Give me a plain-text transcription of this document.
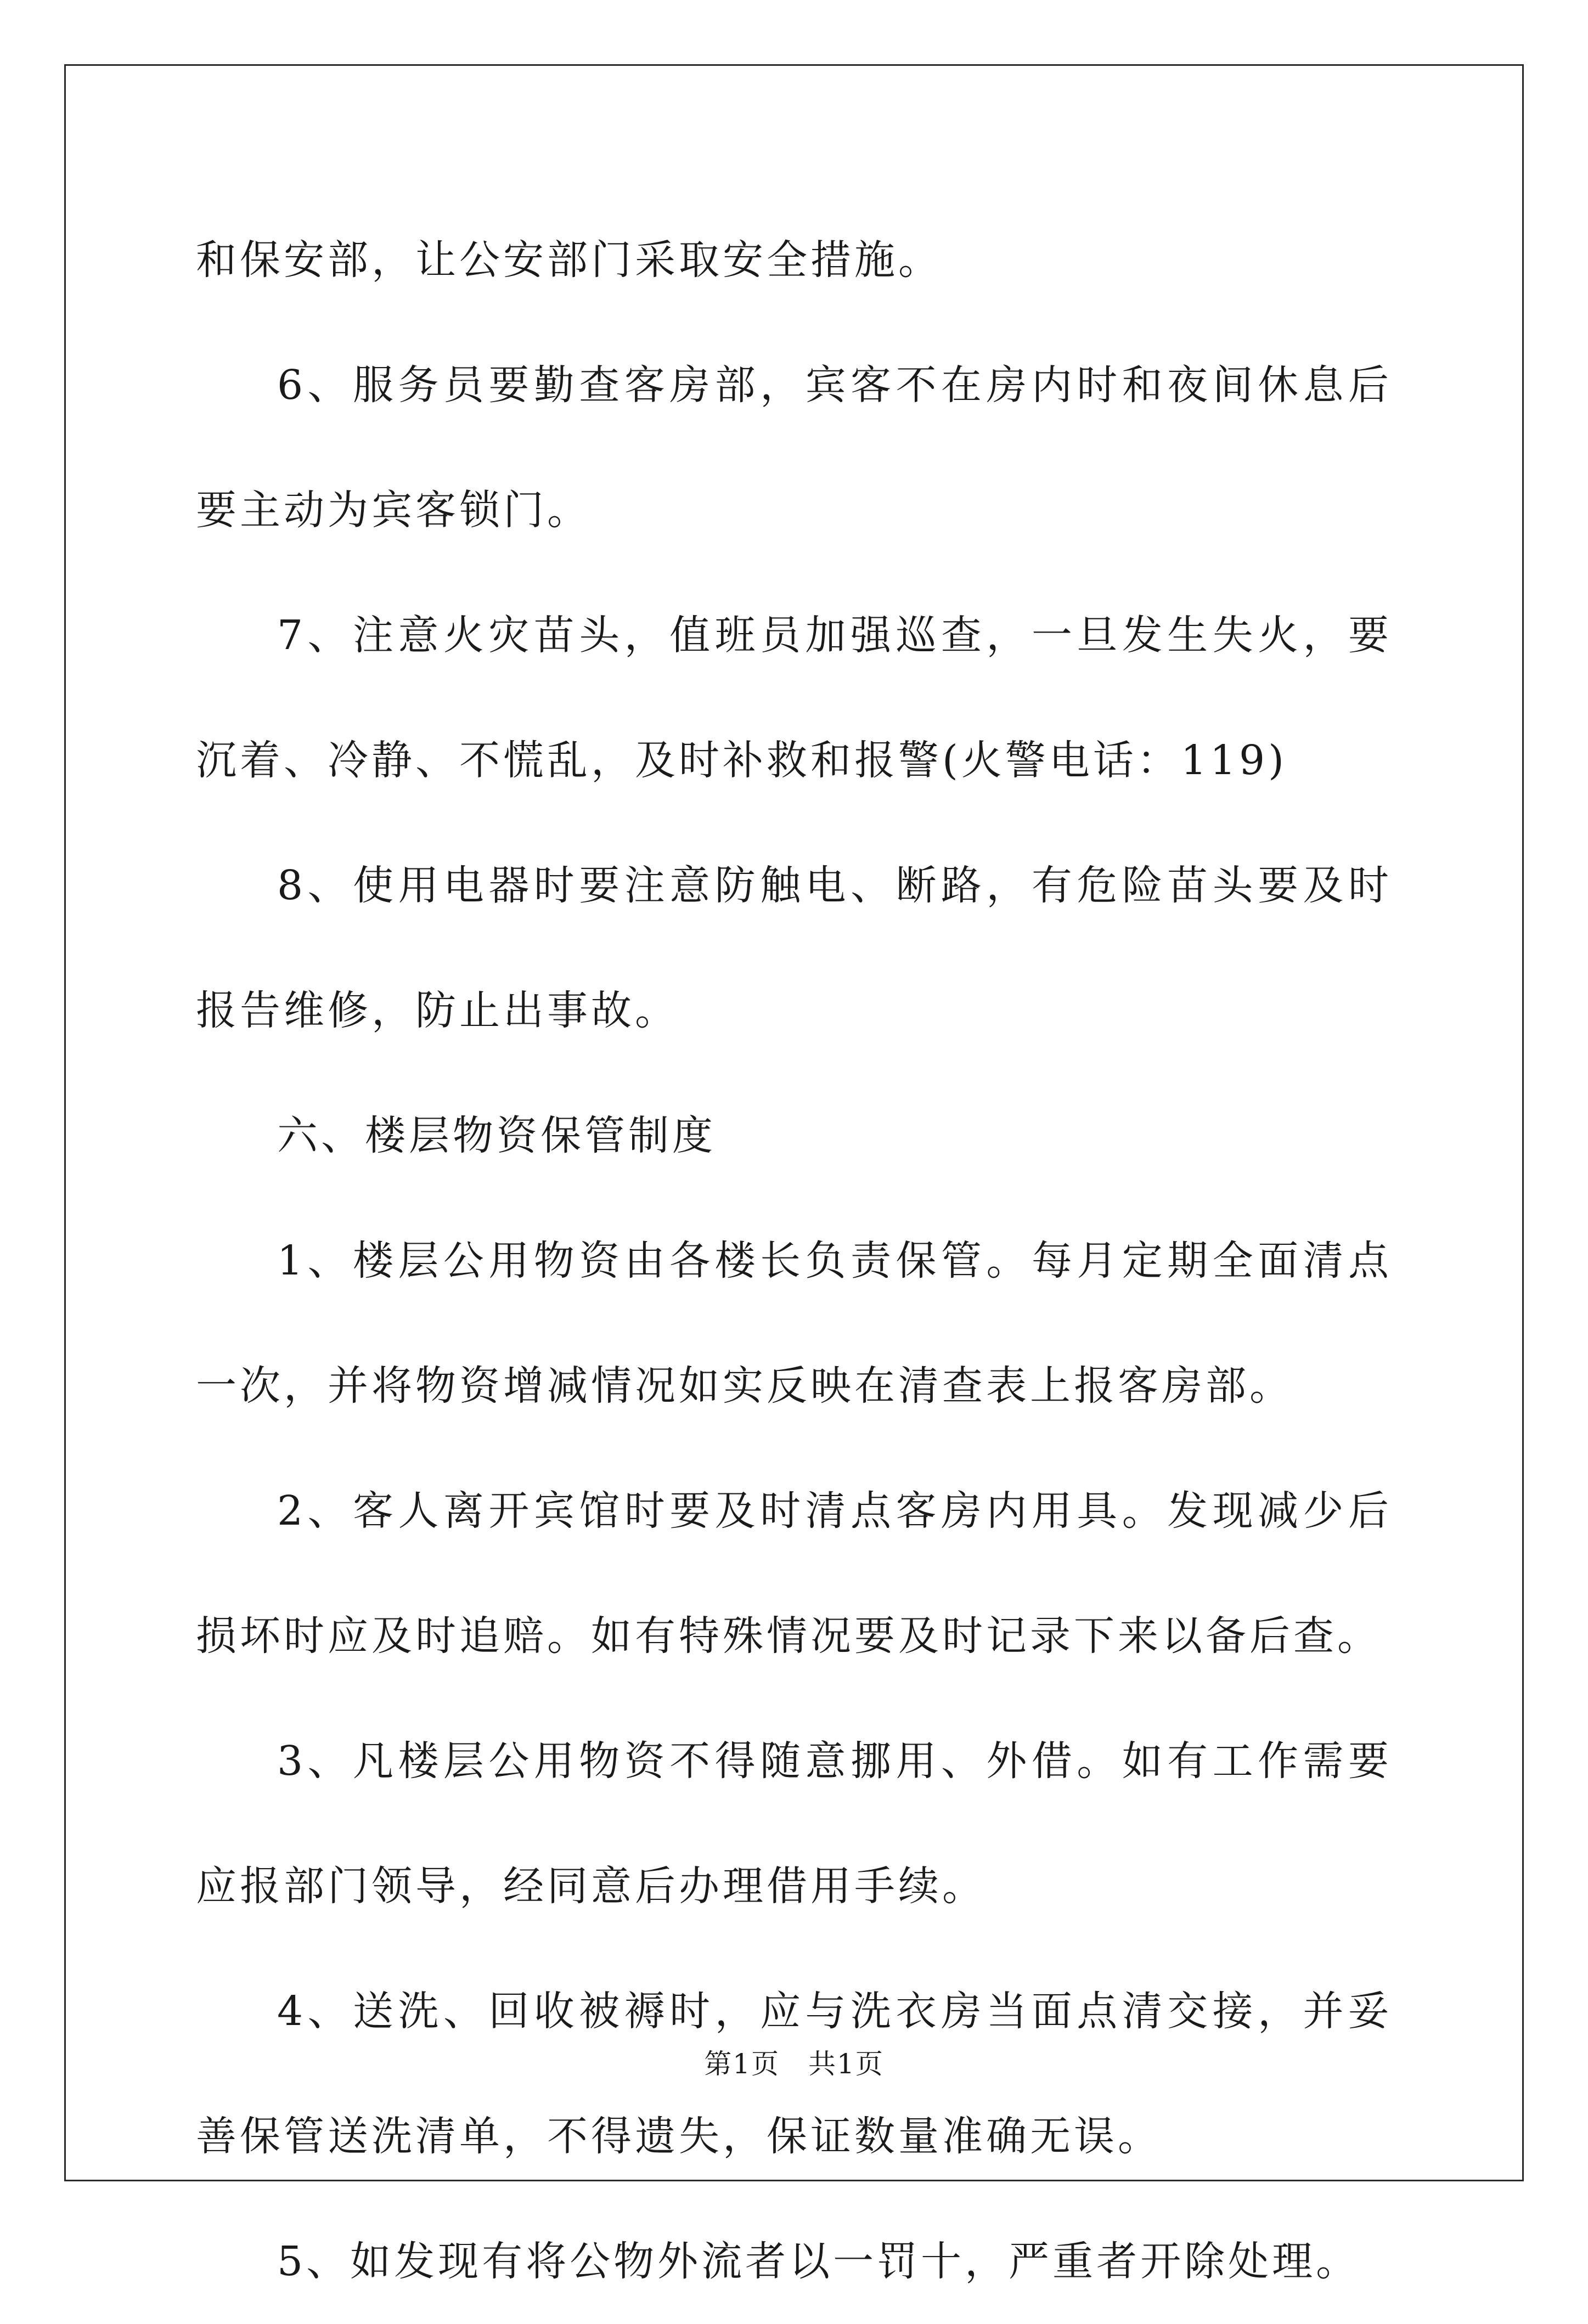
和保安部，让公安部门采取安全措施。

6、服务员要勤查客房部，宾客不在房内时和夜间休息后要主动为宾客锁门。

7、注意火灾苗头，值班员加强巡查，一旦发生失火，要沉着、冷静、不慌乱，及时补救和报警(火警电话：119)

8、使用电器时要注意防触电、断路，有危险苗头要及时报告维修，防止出事故。

六、楼层物资保管制度

1、楼层公用物资由各楼长负责保管。每月定期全面清点一次，并将物资增减情况如实反映在清查表上报客房部。

2、客人离开宾馆时要及时清点客房内用具。发现减少后损坏时应及时追赔。如有特殊情况要及时记录下来以备后查。

3、凡楼层公用物资不得随意挪用、外借。如有工作需要应报部门领导，经同意后办理借用手续。

4、送洗、回收被褥时，应与洗衣房当面点清交接，并妥善保管送洗清单，不得遗失，保证数量准确无误。

5、如发现有将公物外流者以一罚十，严重者开除处理。

第1页　共1页
